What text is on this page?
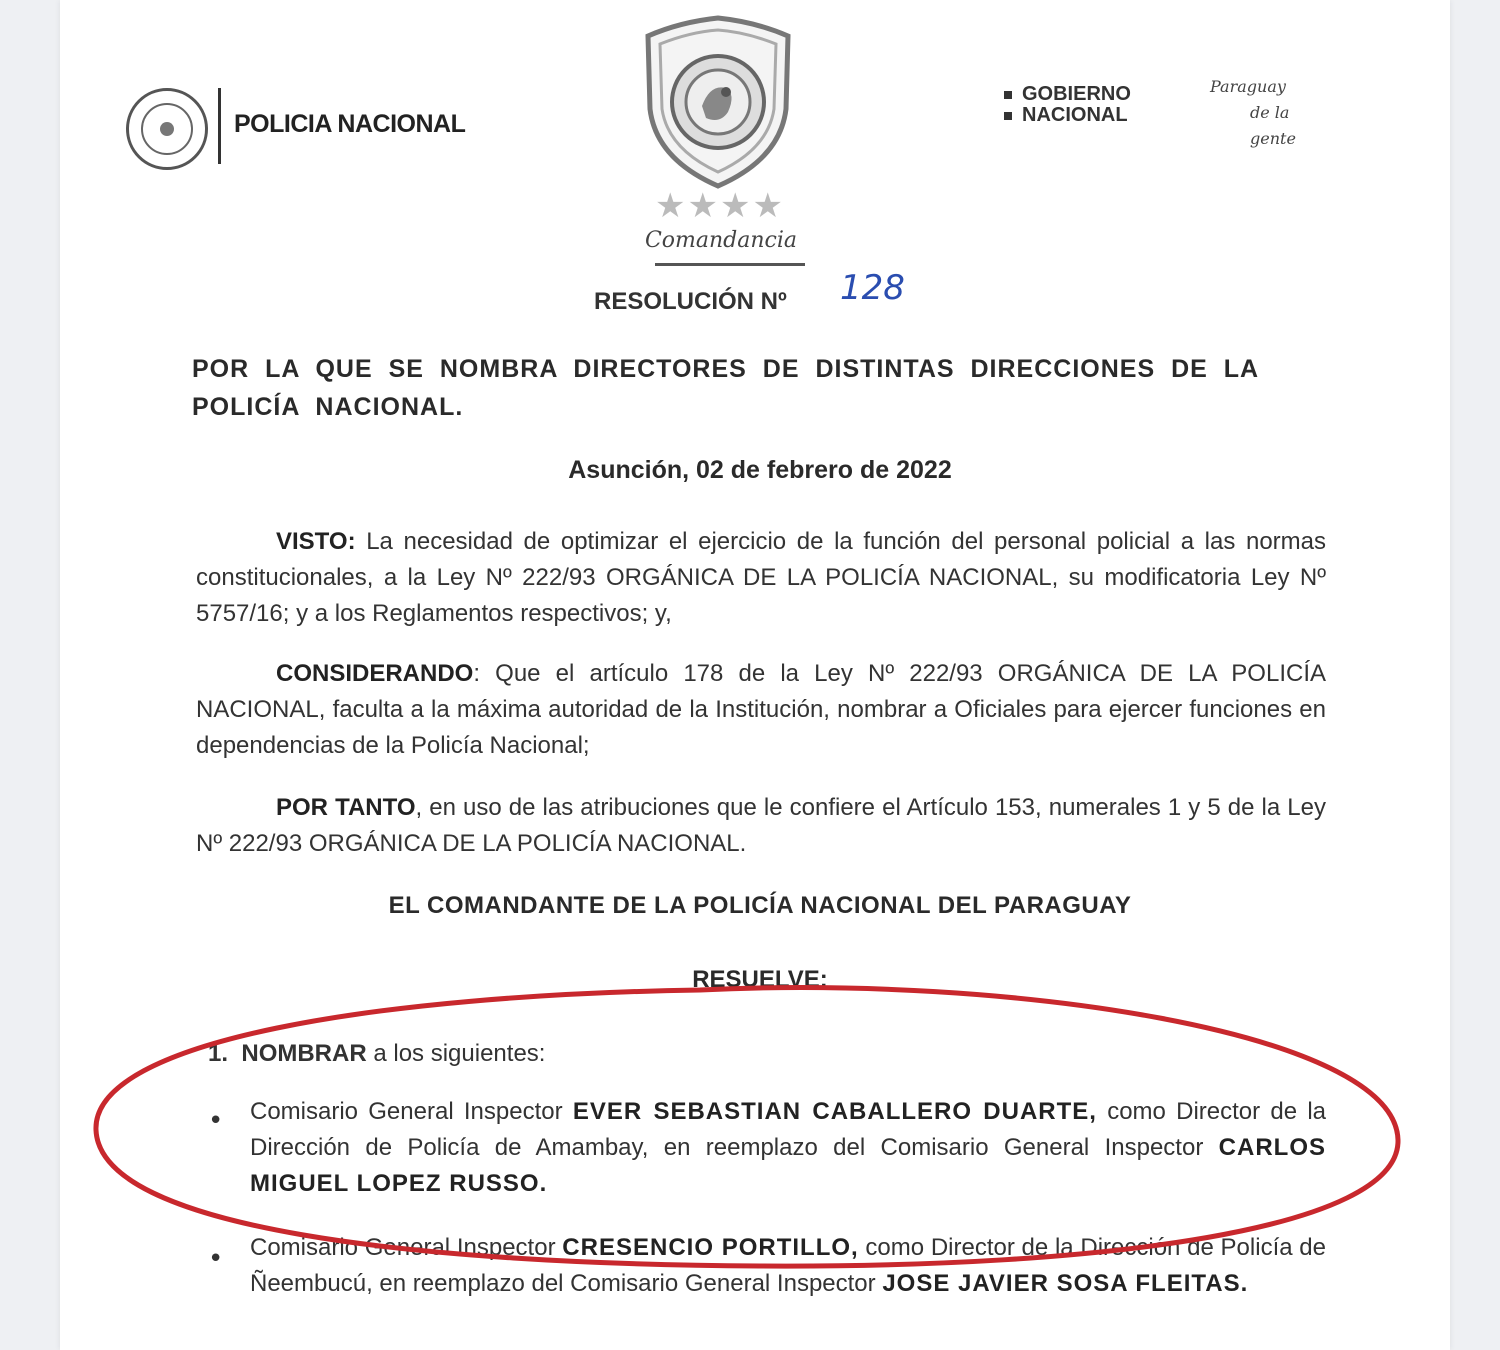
POLICIA NACIONAL
★★★★
Comandancia
GOBIERNO
NACIONAL
Paraguay
de la gente
RESOLUCIÓN Nº 128
POR LA QUE SE NOMBRA DIRECTORES DE DISTINTAS DIRECCIONES DE LA POLICÍA NACIONAL.
Asunción, 02 de febrero de 2022
VISTO: La necesidad de optimizar el ejercicio de la función del personal policial a las normas constitucionales, a la Ley Nº 222/93 ORGÁNICA DE LA POLICÍA NACIONAL, su modificatoria Ley Nº 5757/16; y a los Reglamentos respectivos; y,
CONSIDERANDO: Que el artículo 178 de la Ley Nº 222/93 ORGÁNICA DE LA POLICÍA NACIONAL, faculta a la máxima autoridad de la Institución, nombrar a Oficiales para ejercer funciones en dependencias de la Policía Nacional;
POR TANTO, en uso de las atribuciones que le confiere el Artículo 153, numerales 1 y 5 de la Ley Nº 222/93 ORGÁNICA DE LA POLICÍA NACIONAL.
EL COMANDANTE DE LA POLICÍA NACIONAL DEL PARAGUAY
RESUELVE:
1. NOMBRAR a los siguientes:
• Comisario General Inspector EVER SEBASTIAN CABALLERO DUARTE, como Director de la Dirección de Policía de Amambay, en reemplazo del Comisario General Inspector CARLOS MIGUEL LOPEZ RUSSO.
• Comisario General Inspector CRESENCIO PORTILLO, como Director de la Dirección de Policía de Ñeembucú, en reemplazo del Comisario General Inspector JOSE JAVIER SOSA FLEITAS.
